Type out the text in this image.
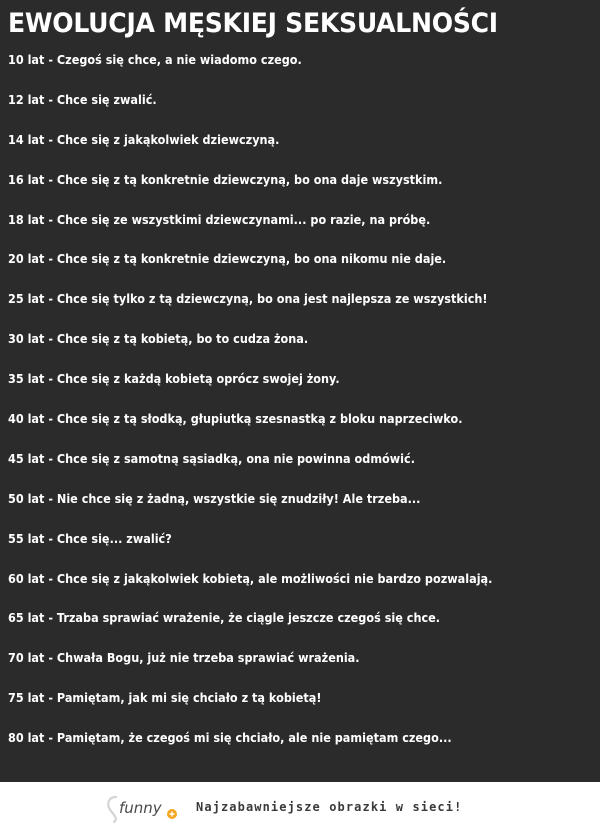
EWOLUCJA MĘSKIEJ SEKSUALNOŚCI
10 lat - Czegoś się chce, a nie wiadomo czego.
12 lat - Chce się zwalić.
14 lat - Chce się z jakąkolwiek dziewczyną.
16 lat - Chce się z tą konkretnie dziewczyną, bo ona daje wszystkim.
18 lat - Chce się ze wszystkimi dziewczynami... po razie, na próbę.
20 lat - Chce się z tą konkretnie dziewczyną, bo ona nikomu nie daje.
25 lat - Chce się tylko z tą dziewczyną, bo ona jest najlepsza ze wszystkich!
30 lat - Chce się z tą kobietą, bo to cudza żona.
35 lat - Chce się z każdą kobietą oprócz swojej żony.
40 lat - Chce się z tą słodką, głupiutką szesnastką z bloku naprzeciwko.
45 lat - Chce się z samotną sąsiadką, ona nie powinna odmówić.
50 lat - Nie chce się z żadną, wszystkie się znudziły! Ale trzeba...
55 lat - Chce się... zwalić?
60 lat - Chce się z jakąkolwiek kobietą, ale możliwości nie bardzo pozwalają.
65 lat - Trzaba sprawiać wrażenie, że ciągle jeszcze czegoś się chce.
70 lat - Chwała Bogu, już nie trzeba sprawiać wrażenia.
75 lat - Pamiętam, jak mi się chciało z tą kobietą!
80 lat - Pamiętam, że czegoś mi się chciało, ale nie pamiętam czego...
funny	Najzabawniejsze obrazki w sieci!
